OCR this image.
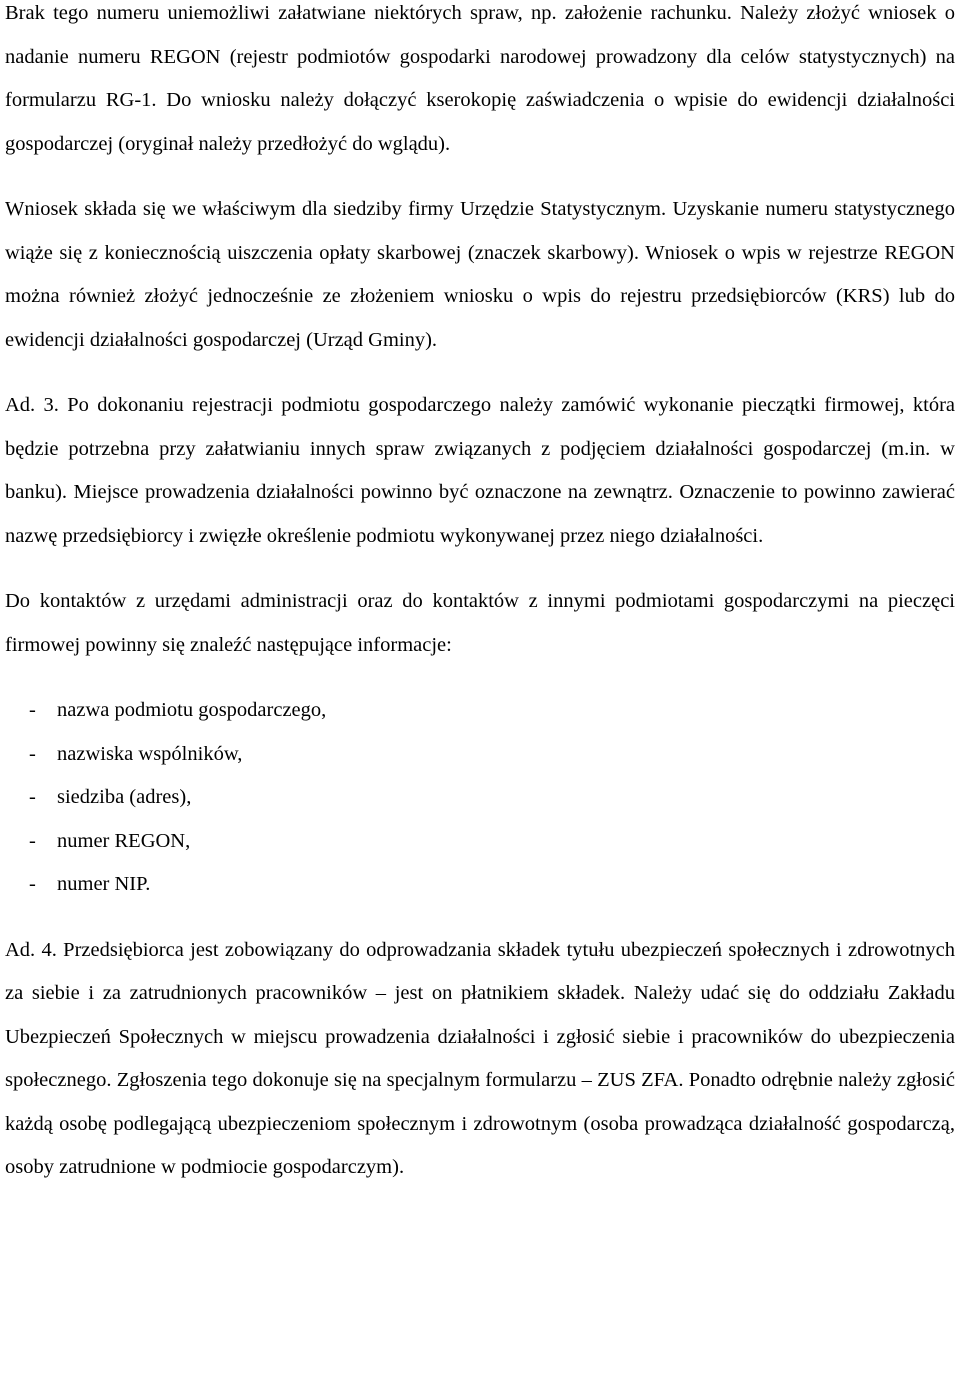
Brak tego numeru uniemożliwi załatwiane niektórych spraw, np. założenie rachunku. Należy złożyć wniosek o nadanie numeru REGON (rejestr podmiotów gospodarki narodowej prowadzony dla celów statystycznych) na formularzu RG-1. Do wniosku należy dołączyć kserokopię zaświadczenia o wpisie do ewidencji działalności gospodarczej (oryginał należy przedłożyć do wglądu).

Wniosek składa się we właściwym dla siedziby firmy Urzędzie Statystycznym. Uzyskanie numeru statystycznego wiąże się z koniecznością uiszczenia opłaty skarbowej (znaczek skarbowy). Wniosek o wpis w rejestrze REGON można również złożyć jednocześnie ze złożeniem wniosku o wpis do rejestru przedsiębiorców (KRS) lub do ewidencji działalności gospodarczej (Urząd Gminy).

Ad. 3. Po dokonaniu rejestracji podmiotu gospodarczego należy zamówić wykonanie pieczątki firmowej, która będzie potrzebna przy załatwianiu innych spraw związanych z podjęciem działalności gospodarczej (m.in. w banku). Miejsce prowadzenia działalności powinno być oznaczone na zewnątrz. Oznaczenie to powinno zawierać nazwę przedsiębiorcy i zwięzłe określenie podmiotu wykonywanej przez niego działalności.

Do kontaktów z urzędami administracji oraz do kontaktów z innymi podmiotami gospodarczymi na pieczęci firmowej powinny się znaleźć następujące informacje:

- nazwa podmiotu gospodarczego,
- nazwiska wspólników,
- siedziba (adres),
- numer REGON,
- numer NIP.

Ad. 4. Przedsiębiorca jest zobowiązany do odprowadzania składek tytułu ubezpieczeń społecznych i zdrowotnych za siebie i za zatrudnionych pracowników – jest on płatnikiem składek. Należy udać się do oddziału Zakładu Ubezpieczeń Społecznych w miejscu prowadzenia działalności i zgłosić siebie i pracowników do ubezpieczenia społecznego. Zgłoszenia tego dokonuje się na specjalnym formularzu – ZUS ZFA. Ponadto odrębnie należy zgłosić każdą osobę podlegającą ubezpieczeniom społecznym i zdrowotnym (osoba prowadząca działalność gospodarczą, osoby zatrudnione w podmiocie gospodarczym).
